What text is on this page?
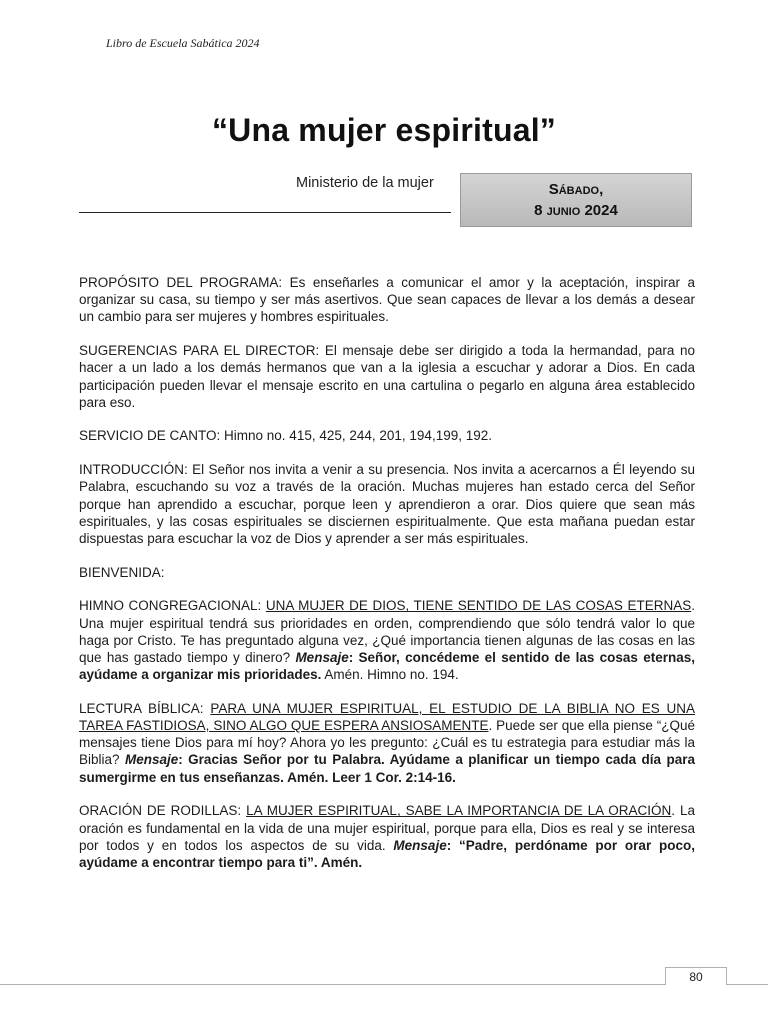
Libro de Escuela Sabática 2024
“Una mujer espiritual”
Ministerio de la mujer	Sábado,
8 junio 2024

PROPÓSITO DEL PROGRAMA: Es enseñarles a comunicar el amor y la aceptación, inspirar a organizar su casa, su tiempo y ser más asertivos. Que sean capaces de llevar a los demás a desear un cambio para ser mujeres y hombres espirituales.

SUGERENCIAS PARA EL DIRECTOR: El mensaje debe ser dirigido a toda la hermandad, para no hacer a un lado a los demás hermanos que van a la iglesia a escuchar y adorar a Dios. En cada participación pueden llevar el mensaje escrito en una cartulina o pegarlo en alguna área establecido para eso.

SERVICIO DE CANTO: Himno no. 415, 425, 244, 201, 194,199, 192.

INTRODUCCIÓN: El Señor nos invita a venir a su presencia. Nos invita a acercarnos a Él leyendo su Palabra, escuchando su voz a través de la oración. Muchas mujeres han estado cerca del Señor porque han aprendido a escuchar, porque leen y aprendieron a orar. Dios quiere que sean más espirituales, y las cosas espirituales se disciernen espiritualmente. Que esta mañana puedan estar dispuestas para escuchar la voz de Dios y aprender a ser más espirituales.

BIENVENIDA:

HIMNO CONGREGACIONAL: UNA MUJER DE DIOS, TIENE SENTIDO DE LAS COSAS ETERNAS. Una mujer espiritual tendrá sus prioridades en orden, comprendiendo que sólo tendrá valor lo que haga por Cristo. Te has preguntado alguna vez, ¿Qué importancia tienen algunas de las cosas en las que has gastado tiempo y dinero? Mensaje: Señor, concédeme el sentido de las cosas eternas, ayúdame a organizar mis prioridades. Amén. Himno no. 194.

LECTURA BÍBLICA: PARA UNA MUJER ESPIRITUAL, EL ESTUDIO DE LA BIBLIA NO ES UNA TAREA FASTIDIOSA, SINO ALGO QUE ESPERA ANSIOSAMENTE. Puede ser que ella piense “¿Qué mensajes tiene Dios para mí hoy? Ahora yo les pregunto: ¿Cuál es tu estrategia para estudiar más la Biblia? Mensaje: Gracias Señor por tu Palabra. Ayúdame a planificar un tiempo cada día para sumergirme en tus enseñanzas. Amén. Leer 1 Cor. 2:14-16.

ORACIÓN DE RODILLAS: LA MUJER ESPIRITUAL, SABE LA IMPORTANCIA DE LA ORACIÓN. La oración es fundamental en la vida de una mujer espiritual, porque para ella, Dios es real y se interesa por todos y en todos los aspectos de su vida. Mensaje: “Padre, perdóname por orar poco, ayúdame a encontrar tiempo para ti”. Amén.

80
